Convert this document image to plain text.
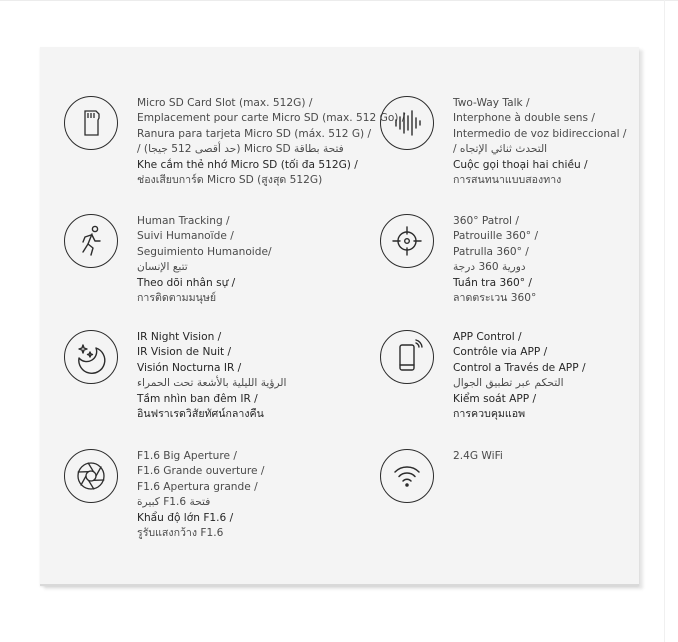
Micro SD Card Slot (max. 512G) /
Emplacement pour carte Micro SD (max. 512 Go) /
Ranura para tarjeta Micro SD (máx. 512 G) /
فتحة بطاقة Micro SD (حد أقصى 512 جيجا) /
Khe cắm thẻ nhớ Micro SD (tối đa 512G) /
ช่องเสียบการ์ด Micro SD (สูงสุด 512G)
Two-Way Talk /
Interphone à double sens /
Intermedio de voz bidireccional /
التحدث ثنائي الإتجاه /
Cuộc gọi thoại hai chiều /
การสนทนาแบบสองทาง
Human Tracking /
Suivi Humanoïde /
Seguimiento Humanoide/
تتبع الإنسان
Theo dõi nhân sự /
การติดตามมนุษย์
360° Patrol /
Patrouille 360° /
Patrulla 360° /
دورية 360 درجة
Tuần tra 360° /
ลาดตระเวน 360°
IR Night Vision /
IR Vision de Nuit /
Visión Nocturna IR /
الرؤية الليلية بالأشعة تحت الحمراء
Tầm nhìn ban đêm IR /
อินฟราเรดวิสัยทัศน์กลางคืน
APP Control /
Contrôle via APP /
Control a Través de APP /
التحكم عبر تطبيق الجوال
Kiểm soát APP /
การควบคุมแอพ
F1.6 Big Aperture /
F1.6 Grande ouverture /
F1.6 Apertura grande /
فتحة F1.6 كبيرة
Khẩu độ lớn F1.6 /
รูรับแสงกว้าง F1.6
2.4G WiFi
